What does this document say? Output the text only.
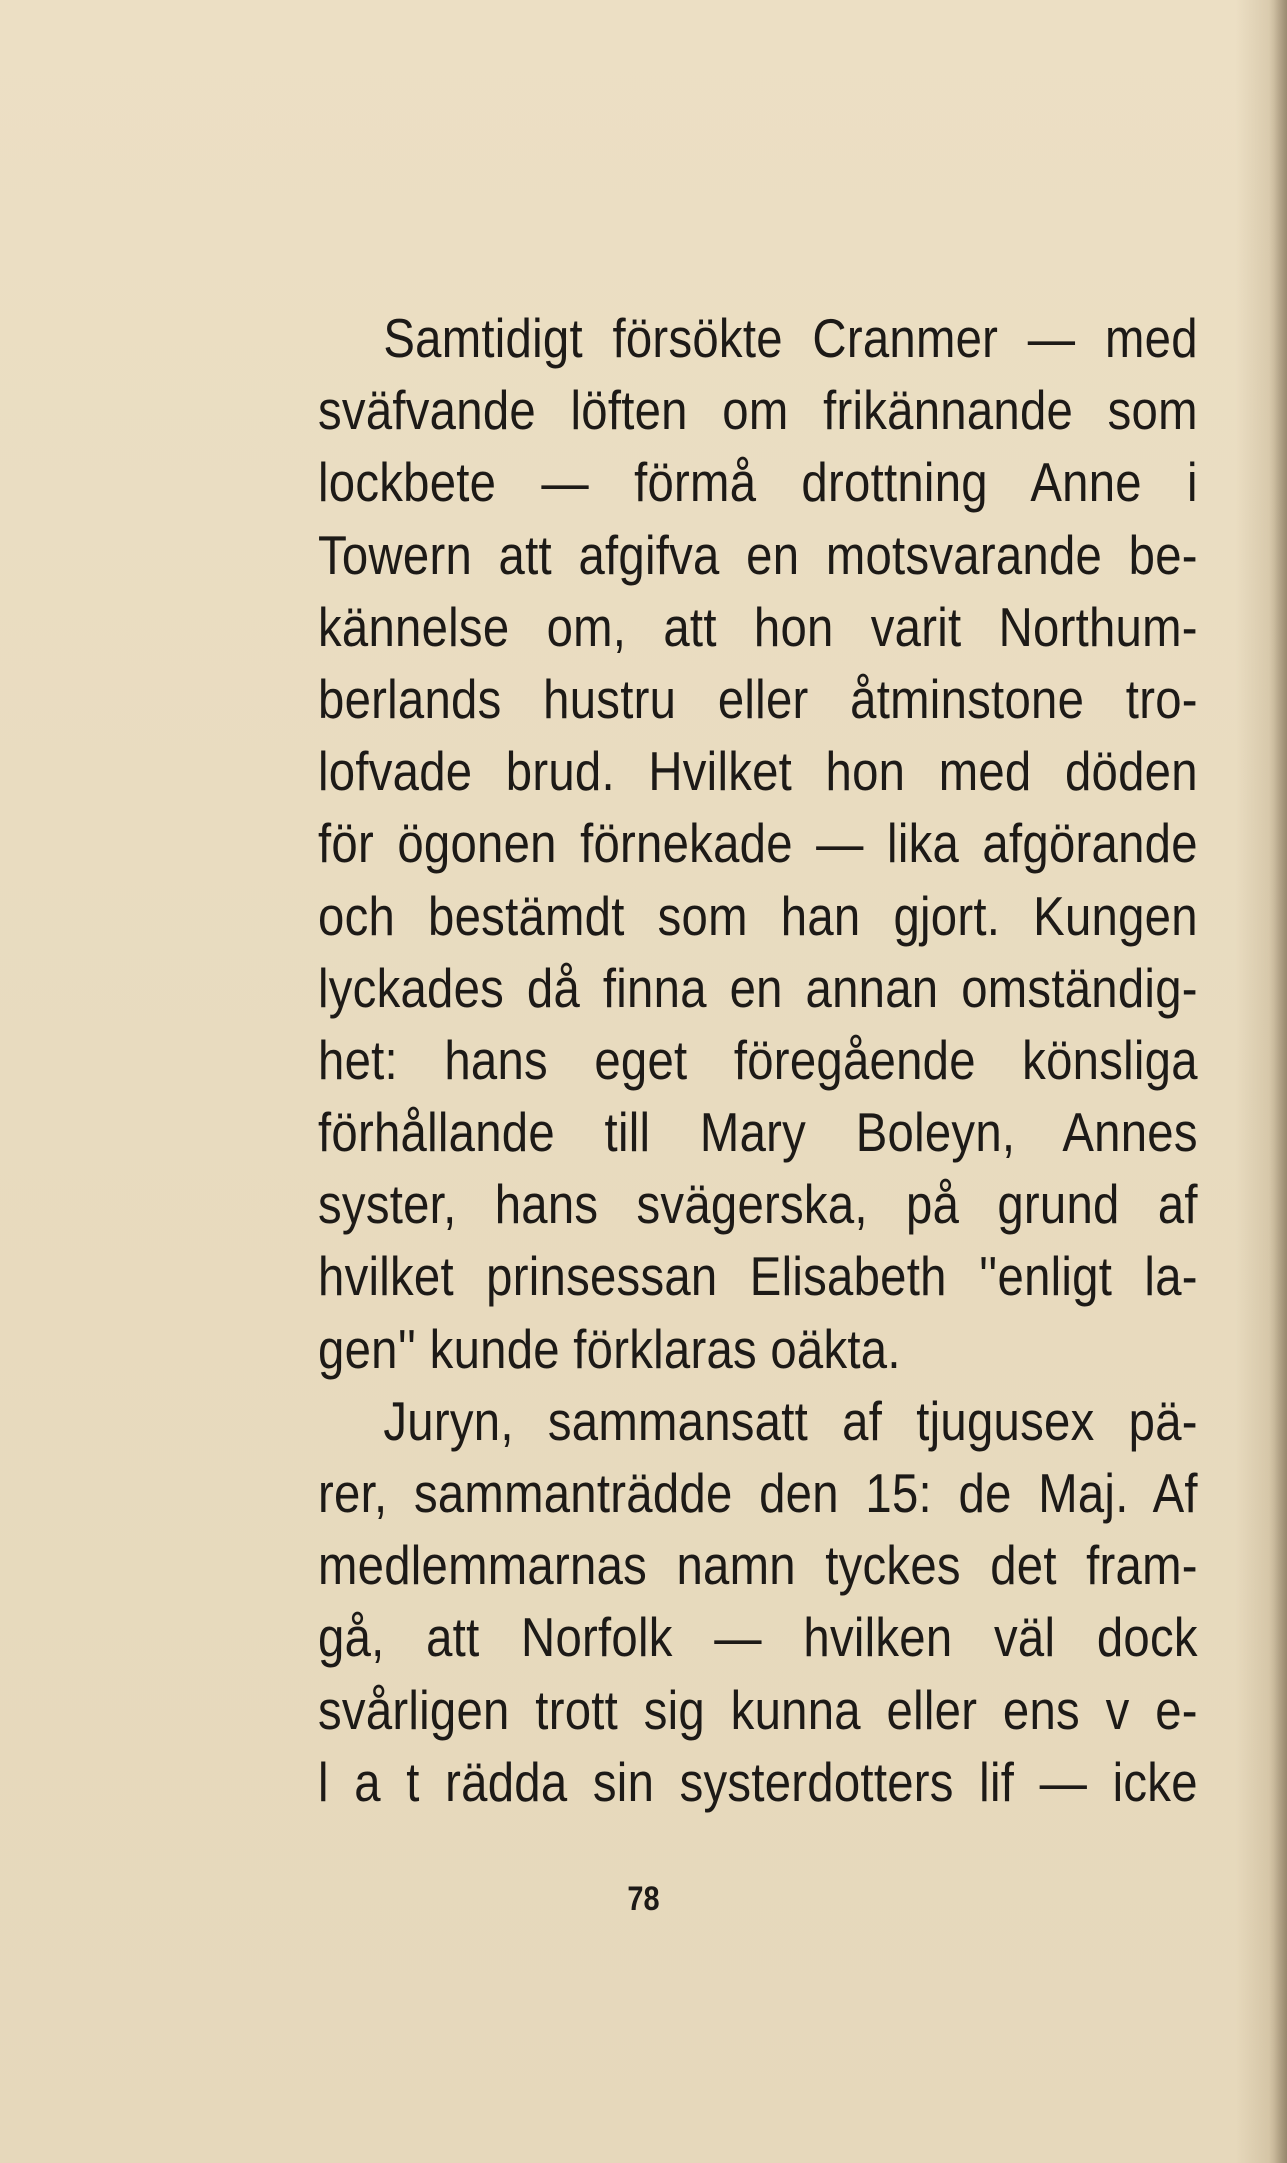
Samtidigt försökte Cranmer — med
sväfvande löften om frikännande som
lockbete — förmå drottning Anne i
Towern att afgifva en motsvarande be-
kännelse om, att hon varit Northum-
berlands hustru eller åtminstone tro-
lofvade brud. Hvilket hon med döden
för ögonen förnekade — lika afgörande
och bestämdt som han gjort. Kungen
lyckades då finna en annan omständig-
het: hans eget föregående könsliga
förhållande till Mary Boleyn, Annes
syster, hans svägerska, på grund af
hvilket prinsessan Elisabeth ''enligt la-
gen'' kunde förklaras oäkta.
Juryn, sammansatt af tjugusex pä-
rer, sammanträdde den 15: de Maj. Af
medlemmarnas namn tyckes det fram-
gå, att Norfolk — hvilken väl dock
svårligen trott sig kunna eller ens v e-
l a t rädda sin systerdotters lif — icke
78
